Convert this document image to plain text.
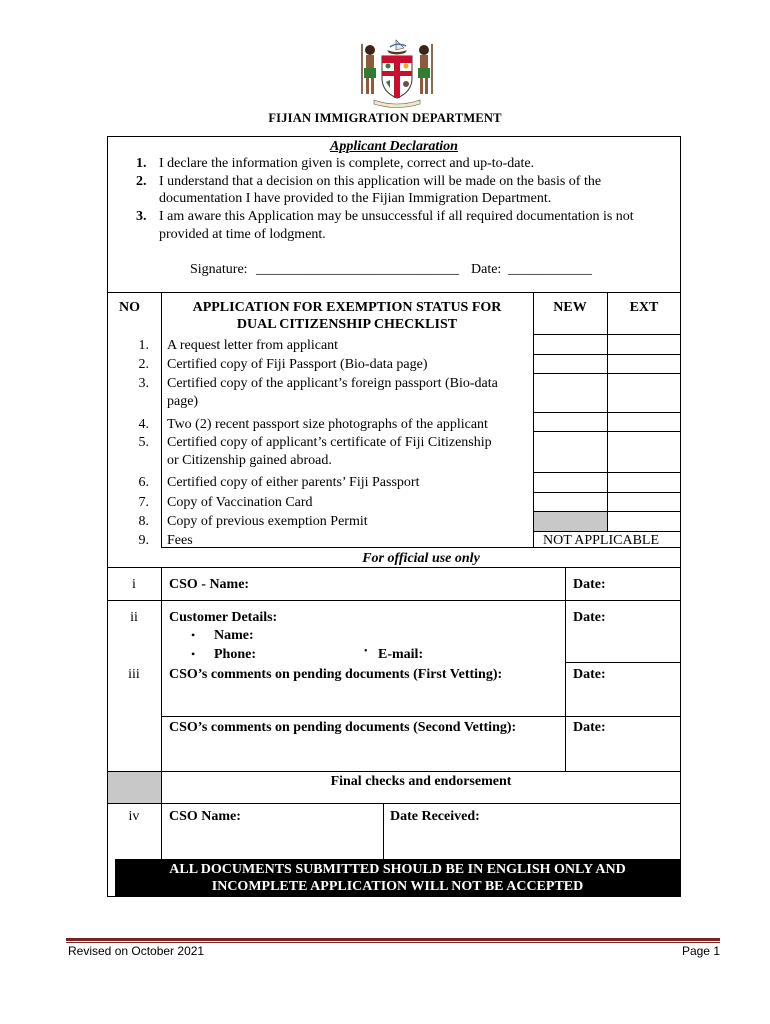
FIJIAN IMMIGRATION DEPARTMENT
Applicant Declaration
1. I declare the information given is complete, correct and up-to-date.
2. I understand that a decision on this application will be made on the basis of the
documentation I have provided to the Fijian Immigration Department.
3. I am aware this Application may be unsuccessful if all required documentation is not
provided at time of lodgment.
Signature: _____________________________ Date: ____________
NO	APPLICATION FOR EXEMPTION STATUS FOR
DUAL CITIZENSHIP CHECKLIST
NEW	EXT
1. A request letter from applicant
2. Certified copy of Fiji Passport (Bio-data page)
3. Certified copy of the applicant’s foreign passport (Bio-data
page)
4. Two (2) recent passport size photographs of the applicant
5. Certified copy of applicant’s certificate of Fiji Citizenship
or Citizenship gained abroad.
6. Certified copy of either parents’ Fiji Passport
7. Copy of Vaccination Card
8. Copy of previous exemption Permit
9. Fees	NOT APPLICABLE
For official use only
i	CSO - Name:	Date:
ii	Customer Details:
• Name:
• Phone:	• E-mail:
Date:
iii	CSO’s comments on pending documents (First Vetting):	Date:
CSO’s comments on pending documents (Second Vetting):	Date:
Final checks and endorsement
iv	CSO Name:	Date Received:
ALL DOCUMENTS SUBMITTED SHOULD BE IN ENGLISH ONLY AND
INCOMPLETE APPLICATION WILL NOT BE ACCEPTED
Revised on October 2021	Page 1
